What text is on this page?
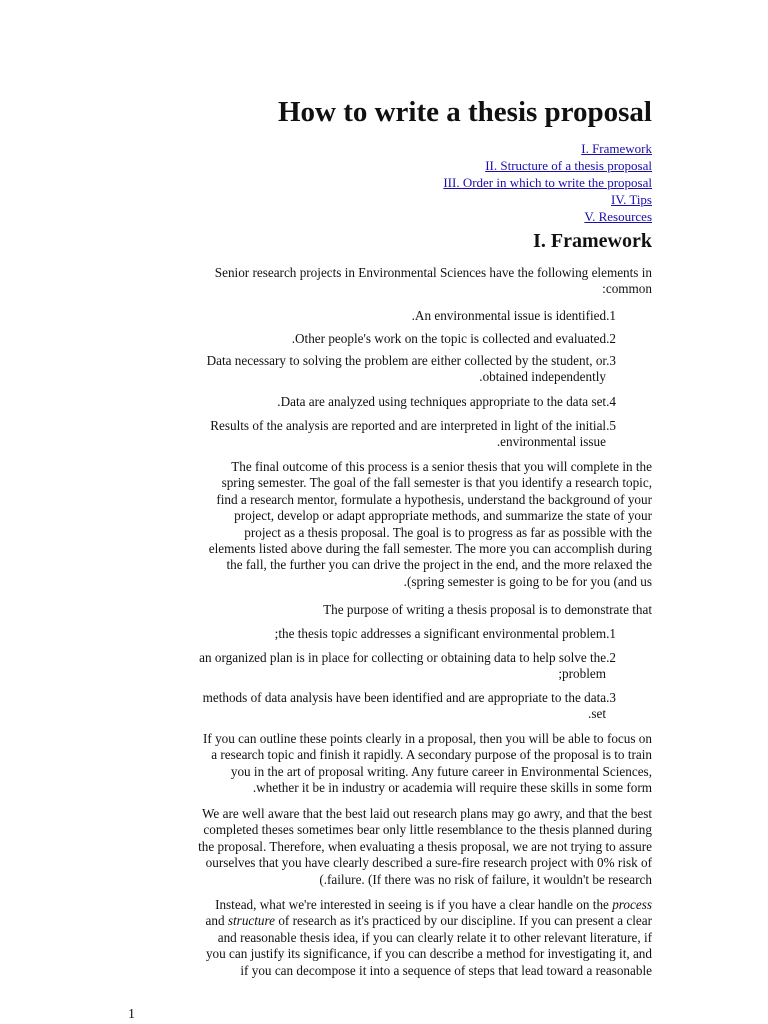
How to write a thesis proposal
I. Framework
II. Structure of a thesis proposal
III. Order in which to write the proposal
IV. Tips
V. Resources
I. Framework
Senior research projects in Environmental Sciences have the following elements in
:common
.An environmental issue is identified.1
.Other people's work on the topic is collected and evaluated.2
Data necessary to solving the problem are either collected by the student, or.3
.obtained independently
.Data are analyzed using techniques appropriate to the data set.4
Results of the analysis are reported and are interpreted in light of the initial.5
.environmental issue
The final outcome of this process is a senior thesis that you will complete in the
spring semester. The goal of the fall semester is that you identify a research topic,
find a research mentor, formulate a hypothesis, understand the background of your
project, develop or adapt appropriate methods, and summarize the state of your
project as a thesis proposal. The goal is to progress as far as possible with the
elements listed above during the fall semester. The more you can accomplish during
the fall, the further you can drive the project in the end, and the more relaxed the
.(spring semester is going to be for you (and us
The purpose of writing a thesis proposal is to demonstrate that
;the thesis topic addresses a significant environmental problem.1
an organized plan is in place for collecting or obtaining data to help solve the.2
;problem
methods of data analysis have been identified and are appropriate to the data.3
.set
If you can outline these points clearly in a proposal, then you will be able to focus on
a research topic and finish it rapidly. A secondary purpose of the proposal is to train
you in the art of proposal writing. Any future career in Environmental Sciences,
.whether it be in industry or academia will require these skills in some form
We are well aware that the best laid out research plans may go awry, and that the best
completed theses sometimes bear only little resemblance to the thesis planned during
the proposal. Therefore, when evaluating a thesis proposal, we are not trying to assure
ourselves that you have clearly described a sure-fire research project with 0% risk of
(.failure. (If there was no risk of failure, it wouldn't be research
Instead, what we're interested in seeing is if you have a clear handle on the process
and structure of research as it's practiced by our discipline. If you can present a clear
and reasonable thesis idea, if you can clearly relate it to other relevant literature, if
you can justify its significance, if you can describe a method for investigating it, and
if you can decompose it into a sequence of steps that lead toward a reasonable
1
